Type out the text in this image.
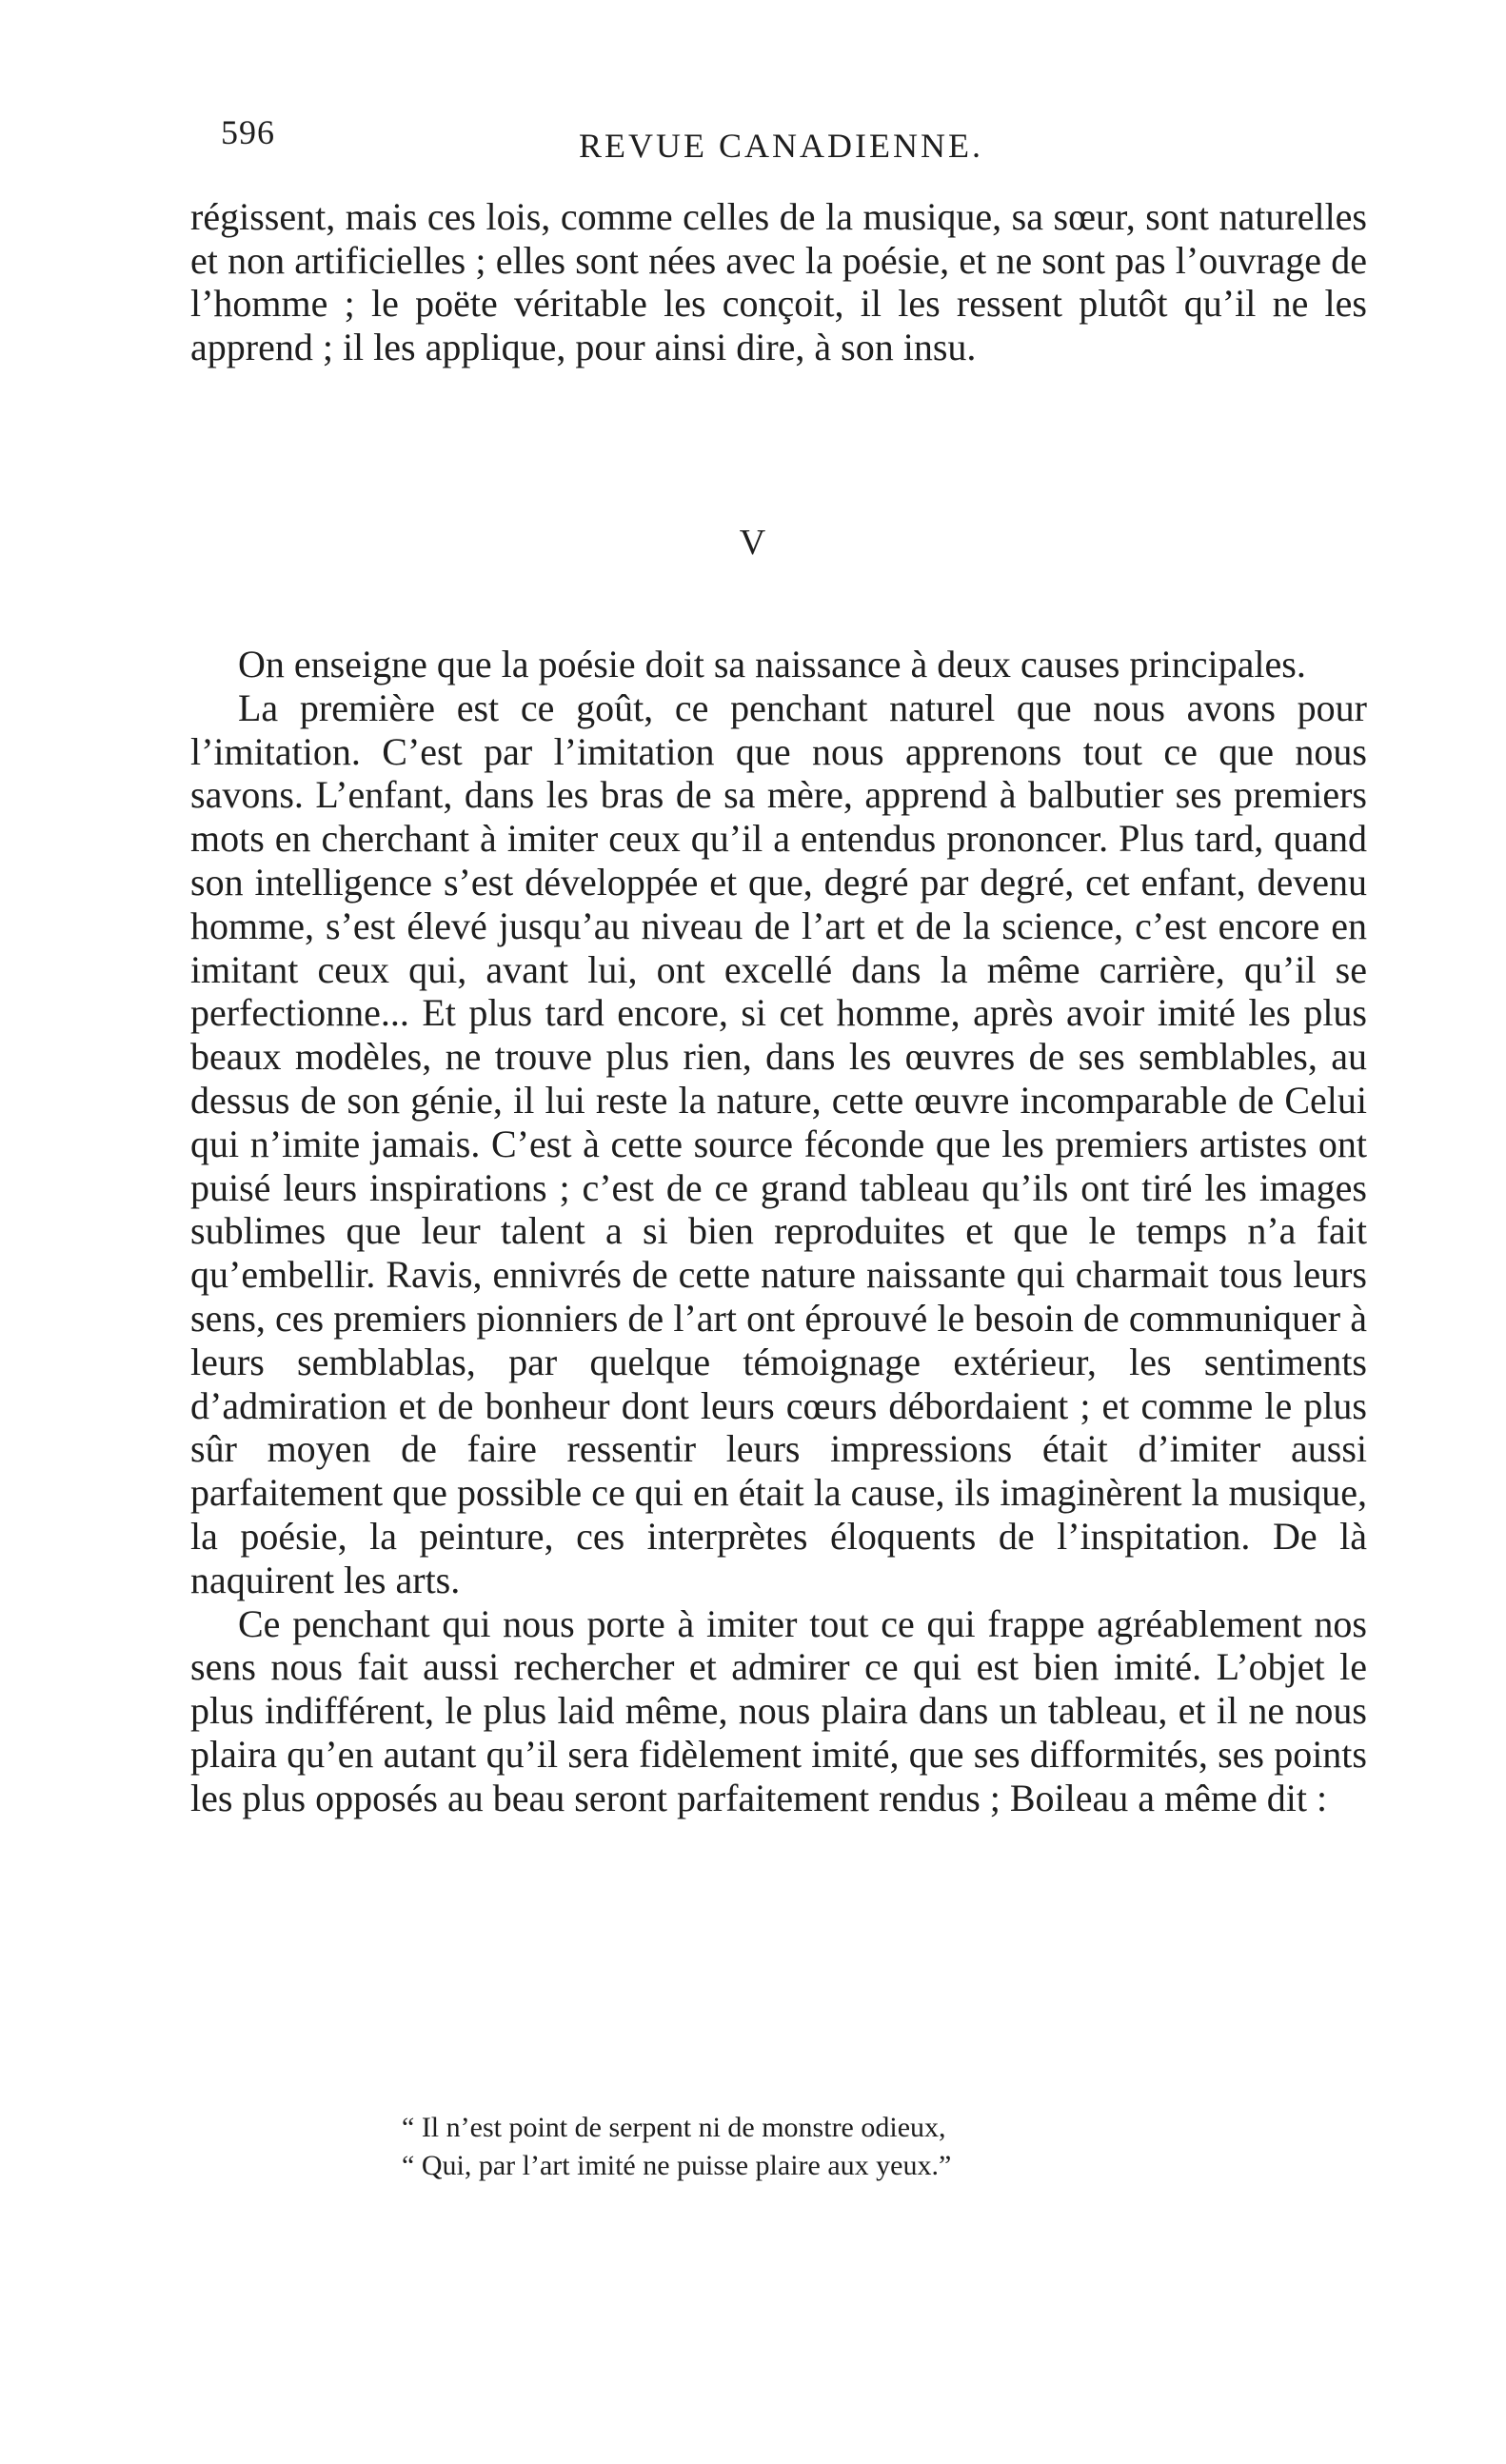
596	REVUE CANADIENNE.

régissent, mais ces lois, comme celles de la musique, sa sœur, sont naturelles et non artificielles ; elles sont nées avec la poésie, et ne sont pas l’ouvrage de l’homme ; le poëte véritable les conçoit, il les ressent plutôt qu’il ne les apprend ; il les applique, pour ainsi dire, à son insu.

V

On enseigne que la poésie doit sa naissance à deux causes principales.

La première est ce goût, ce penchant naturel que nous avons pour l’imitation. C’est par l’imitation que nous apprenons tout ce que nous savons. L’enfant, dans les bras de sa mère, apprend à balbutier ses premiers mots en cherchant à imiter ceux qu’il a entendus prononcer. Plus tard, quand son intelligence s’est développée et que, degré par degré, cet enfant, devenu homme, s’est élevé jusqu’au niveau de l’art et de la science, c’est encore en imitant ceux qui, avant lui, ont excellé dans la même carrière, qu’il se perfectionne... Et plus tard encore, si cet homme, après avoir imité les plus beaux modèles, ne trouve plus rien, dans les œuvres de ses semblables, au dessus de son génie, il lui reste la nature, cette œuvre incomparable de Celui qui n’imite jamais. C’est à cette source féconde que les premiers artistes ont puisé leurs inspirations ; c’est de ce grand tableau qu’ils ont tiré les images sublimes que leur talent a si bien reproduites et que le temps n’a fait qu’embellir. Ravis, ennivrés de cette nature naissante qui charmait tous leurs sens, ces premiers pionniers de l’art ont éprouvé le besoin de communiquer à leurs semblablas, par quelque témoignage extérieur, les sentiments d’admiration et de bonheur dont leurs cœurs débordaient ; et comme le plus sûr moyen de faire ressentir leurs impressions était d’imiter aussi parfaitement que possible ce qui en était la cause, ils imaginèrent la musique, la poésie, la peinture, ces interprètes éloquents de l’inspitation. De là naquirent les arts.

Ce penchant qui nous porte à imiter tout ce qui frappe agréablement nos sens nous fait aussi rechercher et admirer ce qui est bien imité. L’objet le plus indifférent, le plus laid même, nous plaira dans un tableau, et il ne nous plaira qu’en autant qu’il sera fidèlement imité, que ses difformités, ses points les plus opposés au beau seront parfaitement rendus ; Boileau a même dit :

“ Il n’est point de serpent ni de monstre odieux,
“ Qui, par l’art imité ne puisse plaire aux yeux.”
